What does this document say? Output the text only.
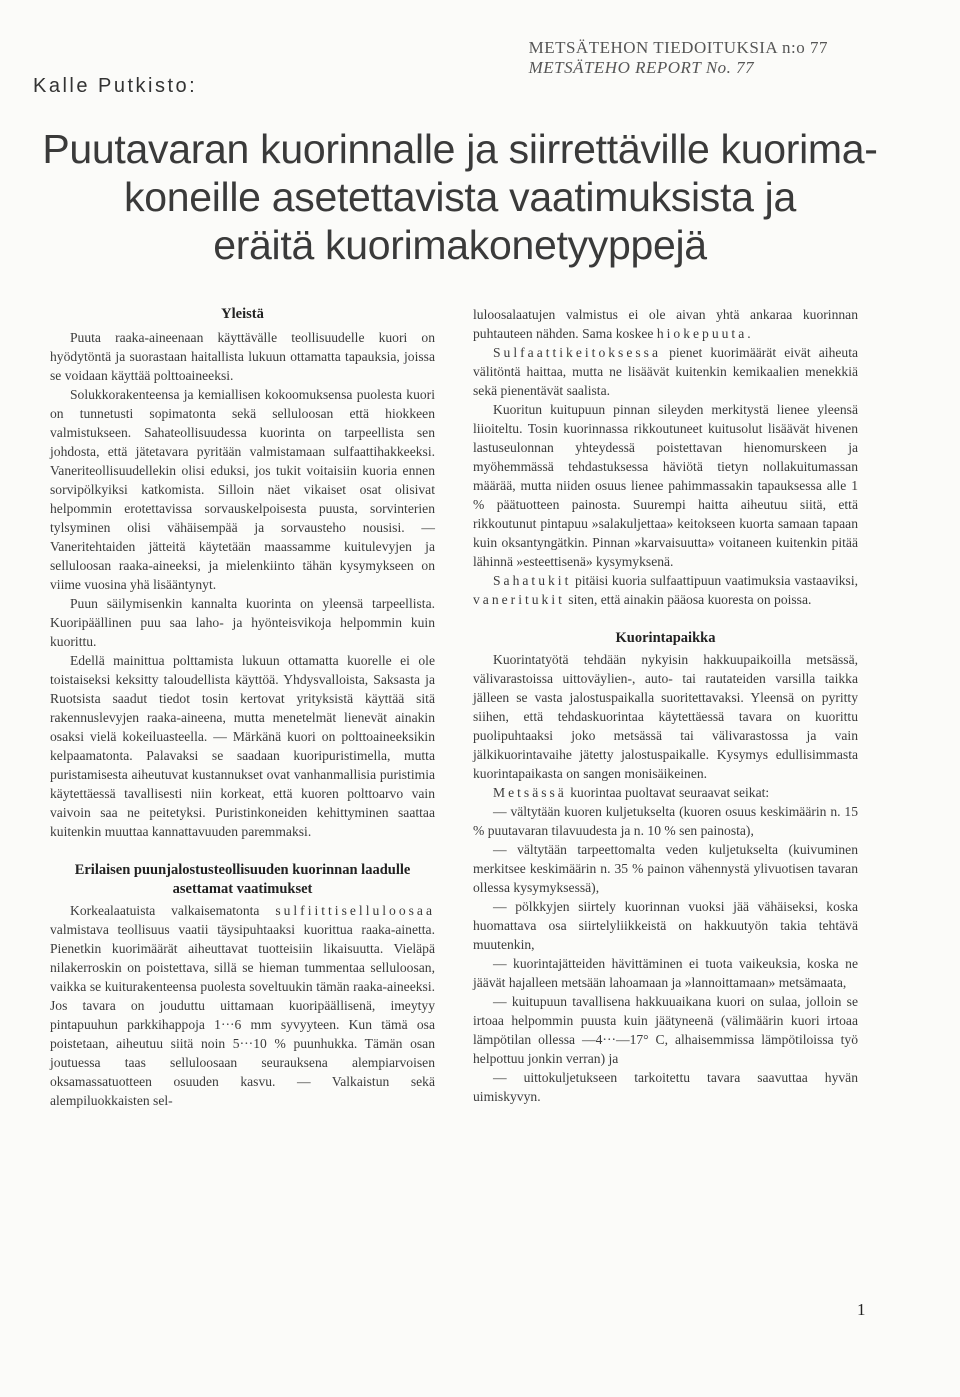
METSÄTEHON TIEDOITUKSIA n:o 77
METSÄTEHO REPORT No. 77
Kalle Putkisto:
Puutavaran kuorinnalle ja siirrettäville kuorima-
koneille asetettavista vaatimuksista ja
eräitä kuorimakonetyyppejä
Yleistä

Puuta raaka-aineenaan käyttävälle teollisuudelle kuori on hyödytöntä ja suorastaan haitallista lukuun ottamatta tapauksia, joissa se voidaan käyttää polttoaineeksi.

Solukkorakenteensa ja kemiallisen kokoomuksensa puolesta kuori on tunnetusti sopimatonta sekä selluloosan että hiokkeen valmistukseen. Sahateollisuudessa kuorinta on tarpeellista sen johdosta, että jätetavara pyritään valmistamaan sulfaattihakkeeksi. Vaneriteollisuudellekin olisi eduksi, jos tukit voitaisiin kuoria ennen sorvipölkyiksi katkomista. Silloin näet vikaiset osat olisivat helpommin erotettavissa sorvauskelpoisesta puusta, sorvinterien tylsyminen olisi vähäisempää ja sorvausteho nousisi. — Vaneritehtaiden jätteitä käytetään maassamme kuitulevyjen ja selluloosan raaka-aineeksi, ja mielenkiinto tähän kysymykseen on viime vuosina yhä lisääntynyt.

Puun säilymisenkin kannalta kuorinta on yleensä tarpeellista. Kuoripäällinen puu saa laho- ja hyönteisvikoja helpommin kuin kuorittu.

Edellä mainittua polttamista lukuun ottamatta kuorelle ei ole toistaiseksi keksitty taloudellista käyttöä. Yhdysvalloista, Saksasta ja Ruotsista saadut tiedot tosin kertovat yrityksistä käyttää sitä rakennuslevyjen raaka-aineena, mutta menetelmät lienevät ainakin osaksi vielä kokeiluasteella. — Märkänä kuori on polttoaineeksikin kelpaamatonta. Palavaksi se saadaan kuoripuristimella, mutta puristamisesta aiheutuvat kustannukset ovat vanhanmallisia puristimia käytettäessä tavallisesti niin korkeat, että kuoren polttoarvo vain vaivoin saa ne peitetyksi. Puristinkoneiden kehittyminen saattaa kuitenkin muuttaa kannattavuuden paremmaksi.

Erilaisen puunjalostusteollisuuden kuorinnan laadulle asettamat vaatimukset

Korkealaatuista valkaisematonta sulfiittiselluloosaa valmistava teollisuus vaatii täysipuhtaaksi kuorittua raaka-ainetta. Pienetkin kuorimäärät aiheuttavat tuotteisiin likaisuutta. Vieläpä nilakerroskin on poistettava, sillä se hieman tummentaa selluloosan, vaikka se kuiturakenteensa puolesta soveltuukin tämän raaka-aineeksi. Jos tavara on jouduttu uittamaan kuoripäällisenä, imeytyy pintapuuhun parkkihappoja 1···6 mm syvyyteen. Kun tämä osa poistetaan, aiheutuu siitä noin 5···10 % puunhukka. Tämän osan joutuessa taas selluloosaan seurauksena alempiarvoisen oksamassatuotteen osuuden kasvu. — Valkaistun sekä alempiluokkaisten sel-

luloosalaatujen valmistus ei ole aivan yhtä ankaraa kuorinnan puhtauteen nähden. Sama koskee hiokepuuta.

Sulfaattikeitoksessa pienet kuorimäärät eivät aiheuta välitöntä haittaa, mutta ne lisäävät kuitenkin kemikaalien menekkiä sekä pienentävät saalista.

Kuoritun kuitupuun pinnan sileyden merkitystä lienee yleensä liioiteltu. Tosin kuorinnassa rikkoutuneet kuitusolut lisäävät hivenen lastuseulonnan yhteydessä poistettavan hienomurskeen ja myöhemmässä tehdastuksessa häviötä tietyn nollakuitumassan määrää, mutta niiden osuus lienee pahimmassakin tapauksessa alle 1 % päätuotteen painosta. Suurempi haitta aiheutuu siitä, että rikkoutunut pintapuu »salakuljettaa» keitokseen kuorta samaan tapaan kuin oksantyngätkin. Pinnan »karvaisuutta» voitaneen kuitenkin pitää lähinnä »esteettisenä» kysymyksenä.

Sahatukit pitäisi kuoria sulfaattipuun vaatimuksia vastaaviksi, vaneritukit siten, että ainakin pääosa kuoresta on poissa.

Kuorintapaikka

Kuorintatyötä tehdään nykyisin hakkuupaikoilla metsässä, välivarastoissa uittoväylien-, auto- tai rautateiden varsilla taikka jälleen se vasta jalostuspaikalla suoritettavaksi. Yleensä on pyritty siihen, että tehdaskuorintaa käytettäessä tavara on kuorittu puolipuhtaaksi joko metsässä tai välivarastossa ja vain jälkikuorintavaihe jätetty jalostuspaikalle. Kysymys edullisimmasta kuorintapaikasta on sangen monisäikeinen.

Metsässä kuorintaa puoltavat seuraavat seikat:

— vältytään kuoren kuljetukselta (kuoren osuus keskimäärin n. 15 % puutavaran tilavuudesta ja n. 10 % sen painosta),

— vältytään tarpeettomalta veden kuljetukselta (kuivuminen merkitsee keskimäärin n. 35 % painon vähennystä ylivuotisen tavaran ollessa kysymyksessä),

— pölkkyjen siirtely kuorinnan vuoksi jää vähäiseksi, koska huomattava osa siirtelyliikkeistä on hakkuutyön takia tehtävä muutenkin,

— kuorintajätteiden hävittäminen ei tuota vaikeuksia, koska ne jäävät hajalleen metsään lahoamaan ja »lannoittamaan» metsämaata,

— kuitupuun tavallisena hakkuuaikana kuori on sulaa, jolloin se irtoaa helpommin puusta kuin jäätyneenä (välimäärin kuori irtoaa lämpötilan ollessa —4···—17° C, alhaisemmissa lämpötiloissa työ helpottuu jonkin verran) ja

— uittokuljetukseen tarkoitettu tavara saavuttaa hyvän uimiskyvyn.

1
